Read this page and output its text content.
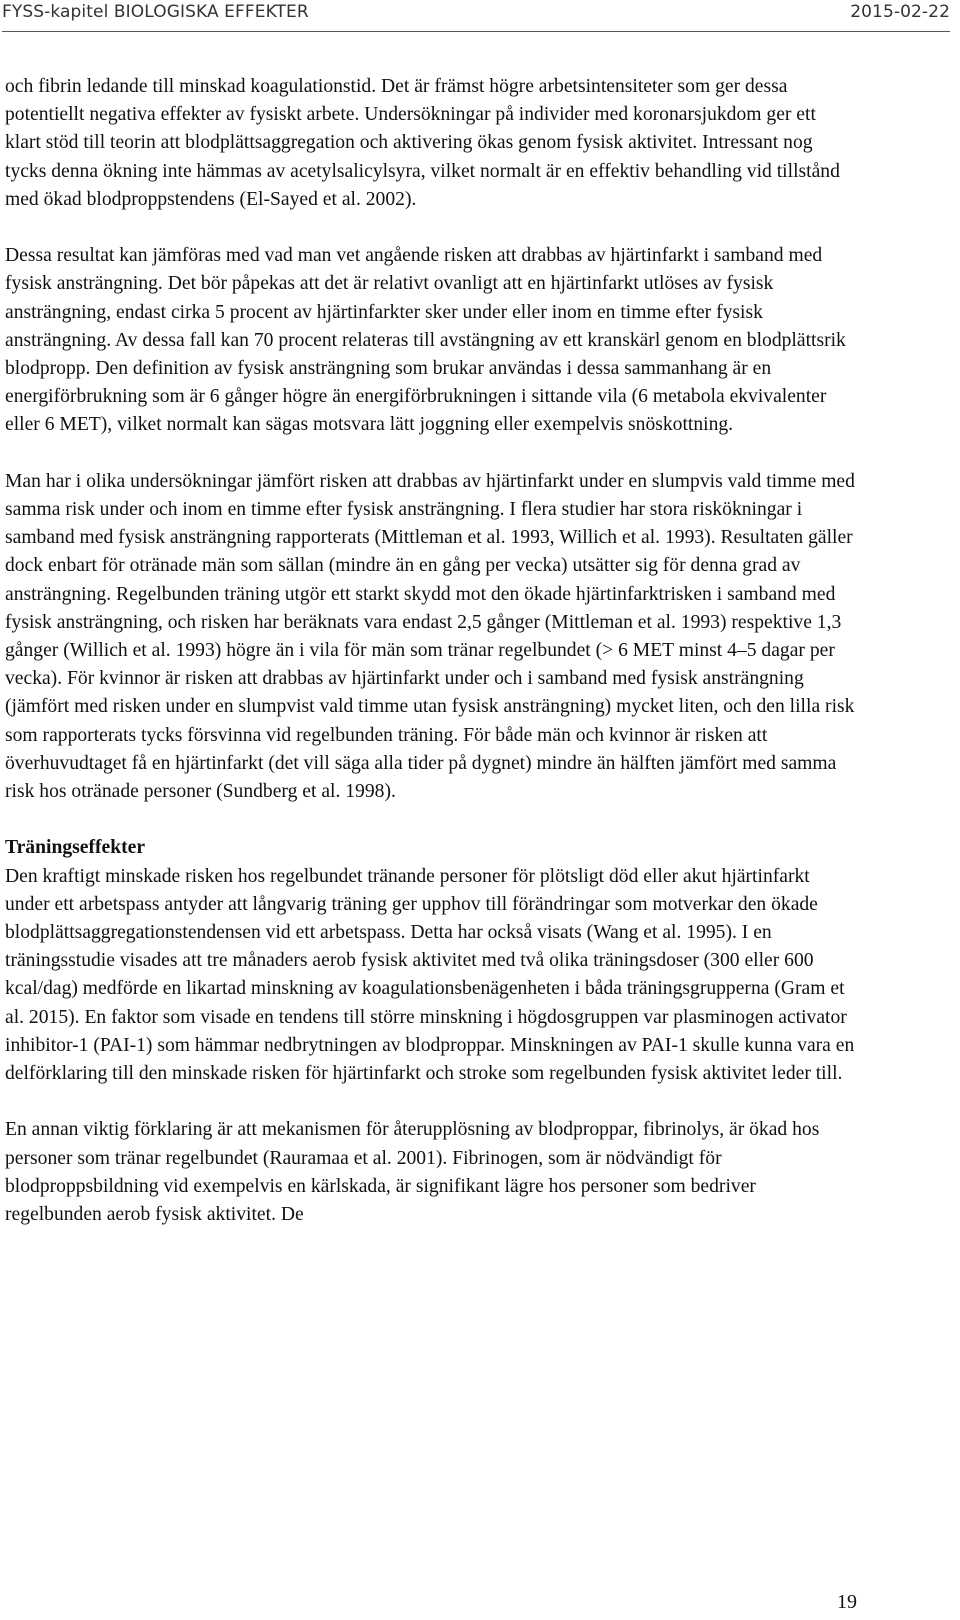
FYSS-kapitel BIOLOGISKA EFFEKTER	2015-02-22

och fibrin ledande till minskad koagulationstid. Det är främst högre arbetsintensiteter som ger dessa potentiellt negativa effekter av fysiskt arbete. Undersökningar på individer med koronarsjukdom ger ett klart stöd till teorin att blodplättsaggregation och aktivering ökas genom fysisk aktivitet. Intressant nog tycks denna ökning inte hämmas av acetylsalicylsyra, vilket normalt är en effektiv behandling vid tillstånd med ökad blodproppstendens (El-Sayed et al. 2002).

Dessa resultat kan jämföras med vad man vet angående risken att drabbas av hjärtinfarkt i samband med fysisk ansträngning. Det bör påpekas att det är relativt ovanligt att en hjärtinfarkt utlöses av fysisk ansträngning, endast cirka 5 procent av hjärtinfarkter sker under eller inom en timme efter fysisk ansträngning. Av dessa fall kan 70 procent relateras till avstängning av ett kranskärl genom en blodplättsrik blodpropp. Den definition av fysisk ansträngning som brukar användas i dessa sammanhang är en energiförbrukning som är 6 gånger högre än energiförbrukningen i sittande vila (6 metabola ekvivalenter eller 6 MET), vilket normalt kan sägas motsvara lätt joggning eller exempelvis snöskottning.

Man har i olika undersökningar jämfört risken att drabbas av hjärtinfarkt under en slumpvis vald timme med samma risk under och inom en timme efter fysisk ansträngning. I flera studier har stora riskökningar i samband med fysisk ansträngning rapporterats (Mittleman et al. 1993, Willich et al. 1993). Resultaten gäller dock enbart för otränade män som sällan (mindre än en gång per vecka) utsätter sig för denna grad av ansträngning. Regelbunden träning utgör ett starkt skydd mot den ökade hjärtinfarktrisken i samband med fysisk ansträngning, och risken har beräknats vara endast 2,5 gånger (Mittleman et al. 1993) respektive 1,3 gånger (Willich et al. 1993) högre än i vila för män som tränar regelbundet (> 6 MET minst 4–5 dagar per vecka). För kvinnor är risken att drabbas av hjärtinfarkt under och i samband med fysisk ansträngning (jämfört med risken under en slumpvist vald timme utan fysisk ansträngning) mycket liten, och den lilla risk som rapporterats tycks försvinna vid regelbunden träning. För både män och kvinnor är risken att överhuvudtaget få en hjärtinfarkt (det vill säga alla tider på dygnet) mindre än hälften jämfört med samma risk hos otränade personer (Sundberg et al. 1998).

Träningseffekter

Den kraftigt minskade risken hos regelbundet tränande personer för plötsligt död eller akut hjärtinfarkt under ett arbetspass antyder att långvarig träning ger upphov till förändringar som motverkar den ökade blodplättsaggregationstendensen vid ett arbetspass. Detta har också visats (Wang et al. 1995). I en träningsstudie visades att tre månaders aerob fysisk aktivitet med två olika träningsdoser (300 eller 600 kcal/dag) medförde en likartad minskning av koagulationsbenägenheten i båda träningsgrupperna (Gram et al. 2015). En faktor som visade en tendens till större minskning i högdosgruppen var plasminogen activator inhibitor-1 (PAI-1) som hämmar nedbrytningen av blodproppar. Minskningen av PAI-1 skulle kunna vara en delförklaring till den minskade risken för hjärtinfarkt och stroke som regelbunden fysisk aktivitet leder till.

En annan viktig förklaring är att mekanismen för återupplösning av blodproppar, fibrinolys, är ökad hos personer som tränar regelbundet (Rauramaa et al. 2001). Fibrinogen, som är nödvändigt för blodproppsbildning vid exempelvis en kärlskada, är signifikant lägre hos personer som bedriver regelbunden aerob fysisk aktivitet. De

19
